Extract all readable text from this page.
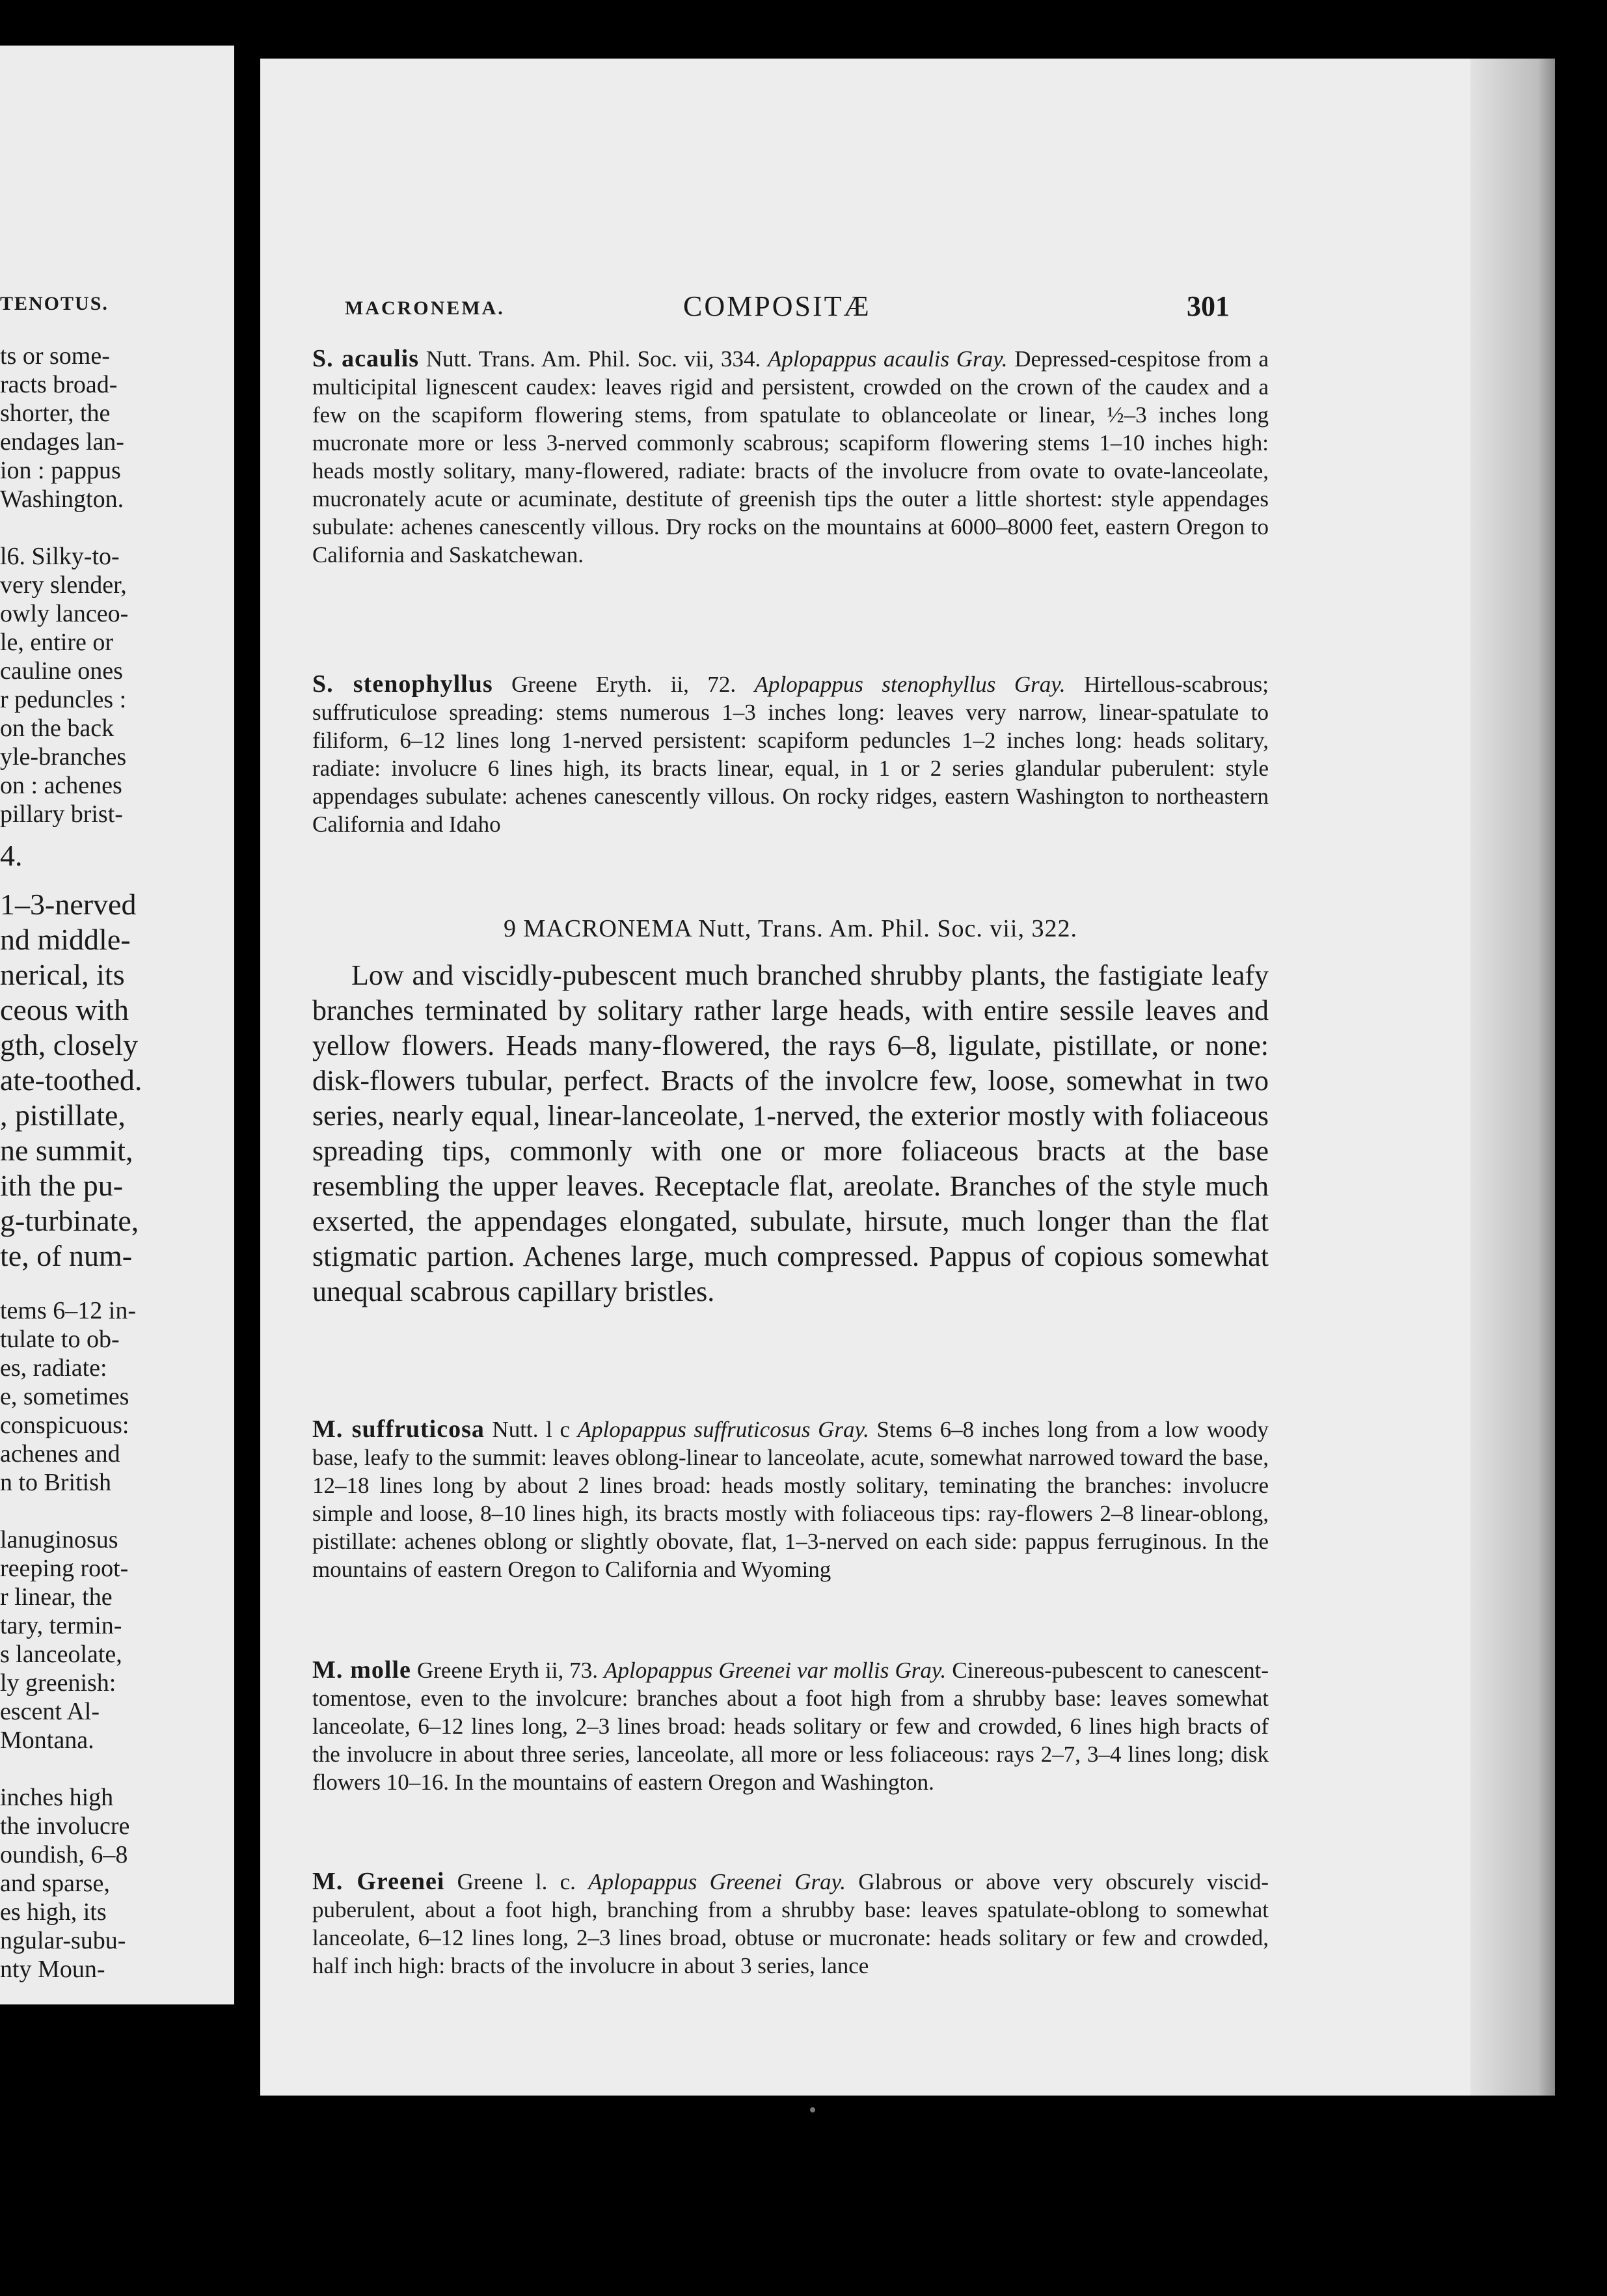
TENOTUS.
ts or some-
racts broad-
shorter, the
endages lan-
ion : pappus
Washington.
l6. Silky-to-
very slender,
owly lanceo-
le, entire or
cauline ones
r peduncles :
on the back
yle-branches
on : achenes
pillary brist-
4.
1–3-nerved
nd middle-
nerical, its
ceous with
gth, closely
ate-toothed.
, pistillate,
ne summit,
ith the pu-
g-turbinate,
te, of num-
tems 6–12 in-
tulate to ob-
es, radiate:
e, sometimes
conspicuous:
achenes and
n to British
lanuginosus
reeping root-
r linear, the
tary, termin-
s lanceolate,
ly greenish:
escent Al-
Montana.
inches high
the involucre
oundish, 6–8
and sparse,
es high, its
ngular-subu-
nty Moun-
MACRONEMA.	COMPOSITÆ	301
S. acaulis Nutt. Trans. Am. Phil. Soc. vii, 334. Aplopappus acaulis Gray. Depressed-cespitose from a multicipital lignescent caudex: leaves rigid and persistent, crowded on the crown of the caudex and a few on the scapiform flowering stems, from spatulate to oblanceolate or linear, ½–3 inches long mucronate more or less 3-nerved commonly scabrous; scapiform flowering stems 1–10 inches high: heads mostly solitary, many-flowered, radiate: bracts of the involucre from ovate to ovate-lanceolate, mucronately acute or acuminate, destitute of greenish tips the outer a little shortest: style appendages subulate: achenes canescently villous. Dry rocks on the mountains at 6000–8000 feet, eastern Oregon to California and Saskatchewan.
S. stenophyllus Greene Eryth. ii, 72. Aplopappus stenophyllus Gray. Hirtellous-scabrous; suffruticulose spreading: stems numerous 1–3 inches long: leaves very narrow, linear-spatulate to filiform, 6–12 lines long 1-nerved persistent: scapiform peduncles 1–2 inches long: heads solitary, radiate: involucre 6 lines high, its bracts linear, equal, in 1 or 2 series glandular puberulent: style appendages subulate: achenes canescently villous. On rocky ridges, eastern Washington to northeastern California and Idaho
9 MACRONEMA Nutt, Trans. Am. Phil. Soc. vii, 322.
Low and viscidly-pubescent much branched shrubby plants, the fastigiate leafy branches terminated by solitary rather large heads, with entire sessile leaves and yellow flowers. Heads many-flowered, the rays 6–8, ligulate, pistillate, or none: disk-flowers tubular, perfect. Bracts of the involcre few, loose, somewhat in two series, nearly equal, linear-lanceolate, 1-nerved, the exterior mostly with foliaceous spreading tips, commonly with one or more foliaceous bracts at the base resembling the upper leaves. Receptacle flat, areolate. Branches of the style much exserted, the appendages elongated, subulate, hirsute, much longer than the flat stigmatic partion. Achenes large, much compressed. Pappus of copious somewhat unequal scabrous capillary bristles.
M. suffruticosa Nutt. l c Aplopappus suffruticosus Gray. Stems 6–8 inches long from a low woody base, leafy to the summit: leaves oblong-linear to lanceolate, acute, somewhat narrowed toward the base, 12–18 lines long by about 2 lines broad: heads mostly solitary, teminating the branches: involucre simple and loose, 8–10 lines high, its bracts mostly with foliaceous tips: ray-flowers 2–8 linear-oblong, pistillate: achenes oblong or slightly obovate, flat, 1–3-nerved on each side: pappus ferruginous. In the mountains of eastern Oregon to California and Wyoming
M. molle Greene Eryth ii, 73. Aplopappus Greenei var mollis Gray. Cinereous-pubescent to canescent-tomentose, even to the involcure: branches about a foot high from a shrubby base: leaves somewhat lanceolate, 6–12 lines long, 2–3 lines broad: heads solitary or few and crowded, 6 lines high bracts of the involucre in about three series, lanceolate, all more or less foliaceous: rays 2–7, 3–4 lines long; disk flowers 10–16. In the mountains of eastern Oregon and Washington.
M. Greenei Greene l. c. Aplopappus Greenei Gray. Glabrous or above very obscurely viscid-puberulent, about a foot high, branching from a shrubby base: leaves spatulate-oblong to somewhat lanceolate, 6–12 lines long, 2–3 lines broad, obtuse or mucronate: heads solitary or few and crowded, half inch high: bracts of the involucre in about 3 series, lance
